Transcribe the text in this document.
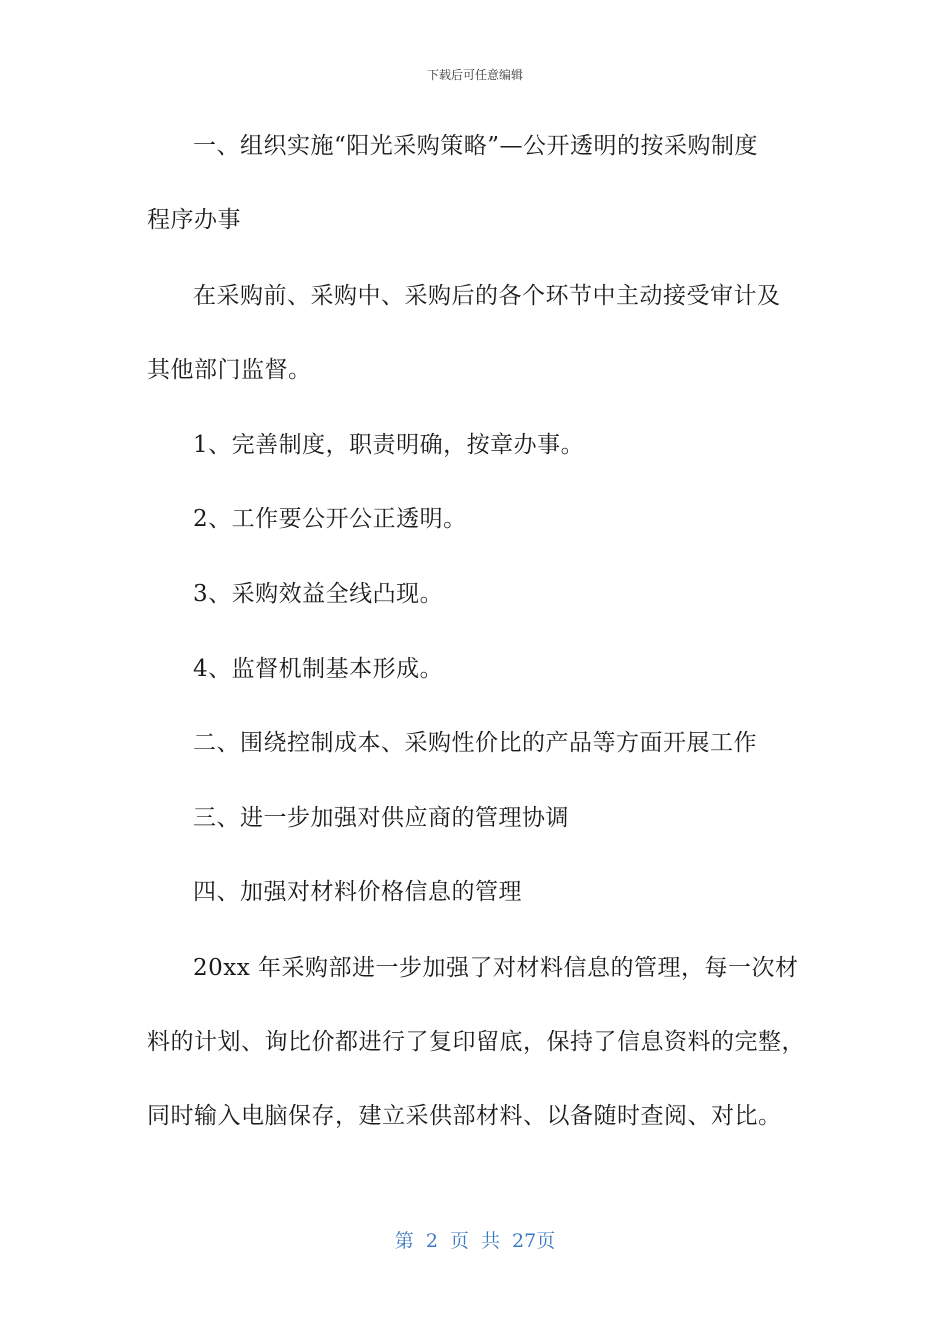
下载后可任意编辑
一、组织实施“阳光采购策略”—公开透明的按采购制度
程序办事
在采购前、采购中、采购后的各个环节中主动接受审计及
其他部门监督。
1、完善制度，职责明确，按章办事。
2、工作要公开公正透明。
3、采购效益全线凸现。
4、监督机制基本形成。
二、围绕控制成本、采购性价比的产品等方面开展工作
三、进一步加强对供应商的管理协调
四、加强对材料价格信息的管理
20xx 年采购部进一步加强了对材料信息的管理，每一次材
料的计划、询比价都进行了复印留底，保持了信息资料的完整，
同时输入电脑保存，建立采供部材料、以备随时查阅、对比。
第 2 页 共 27页
